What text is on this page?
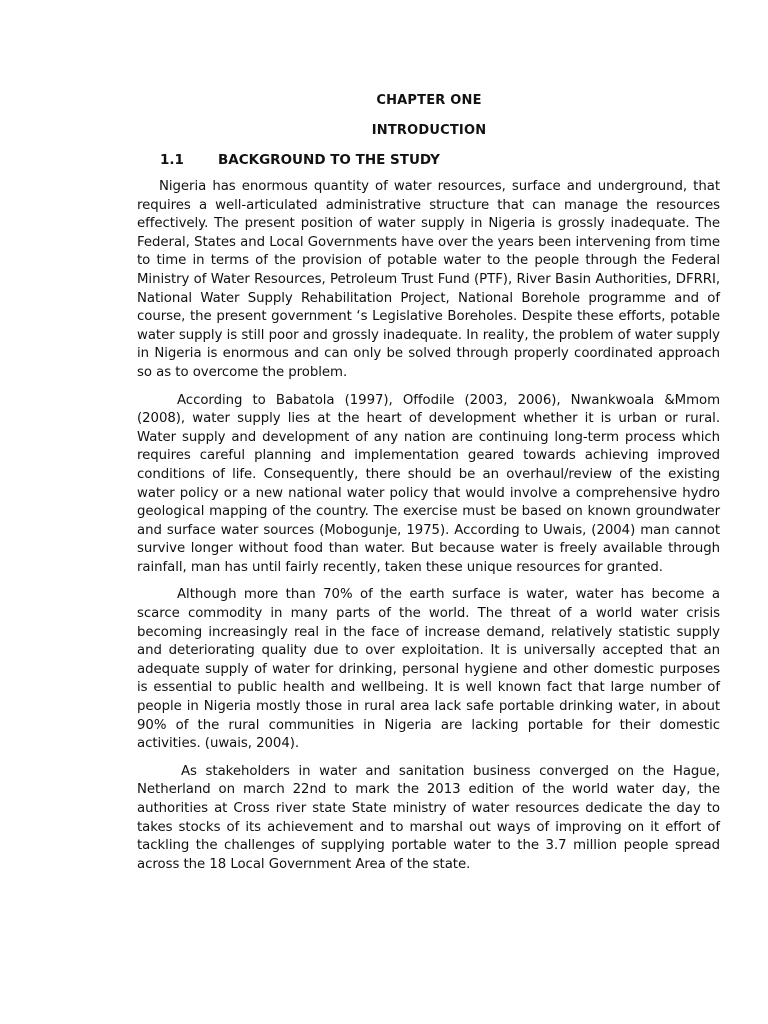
CHAPTER ONE
INTRODUCTION
1.1	BACKGROUND TO THE STUDY

Nigeria has enormous quantity of water resources, surface and underground, that requires a well-articulated administrative structure that can manage the resources effectively. The present position of water supply in Nigeria is grossly inadequate. The Federal, States and Local Governments have over the years been intervening from time to time in terms of the provision of potable water to the people through the Federal Ministry of Water Resources, Petroleum Trust Fund (PTF), River Basin Authorities, DFRRI, National Water Supply Rehabilitation Project, National Borehole programme and of course, the present government ‘s Legislative Boreholes. Despite these efforts, potable water supply is still poor and grossly inadequate. In reality, the problem of water supply in Nigeria is enormous and can only be solved through properly coordinated approach so as to overcome the problem.

According to Babatola (1997), Offodile (2003, 2006), Nwankwoala &Mmom (2008), water supply lies at the heart of development whether it is urban or rural. Water supply and development of any nation are continuing long-term process which requires careful planning and implementation geared towards achieving improved conditions of life. Consequently, there should be an overhaul/review of the existing water policy or a new national water policy that would involve a comprehensive hydro geological mapping of the country. The exercise must be based on known groundwater and surface water sources (Mobogunje, 1975). According to Uwais, (2004) man cannot survive longer without food than water. But because water is freely available through rainfall, man has until fairly recently, taken these unique resources for granted.

Although more than 70% of the earth surface is water, water has become a scarce commodity in many parts of the world. The threat of a world water crisis becoming increasingly real in the face of increase demand, relatively statistic supply and deteriorating quality due to over exploitation. It is universally accepted that an adequate supply of water for drinking, personal hygiene and other domestic purposes is essential to public health and wellbeing. It is well known fact that large number of people in Nigeria mostly those in rural area lack safe portable drinking water, in about 90% of the rural communities in Nigeria are lacking portable for their domestic activities. (uwais, 2004).

As stakeholders in water and sanitation business converged on the Hague, Netherland on march 22nd to mark the 2013 edition of the world water day, the authorities at Cross river state State ministry of water resources dedicate the day to takes stocks of its achievement and to marshal out ways of improving on it effort of tackling the challenges of supplying portable water to the 3.7 million people spread across the 18 Local Government Area of the state.
